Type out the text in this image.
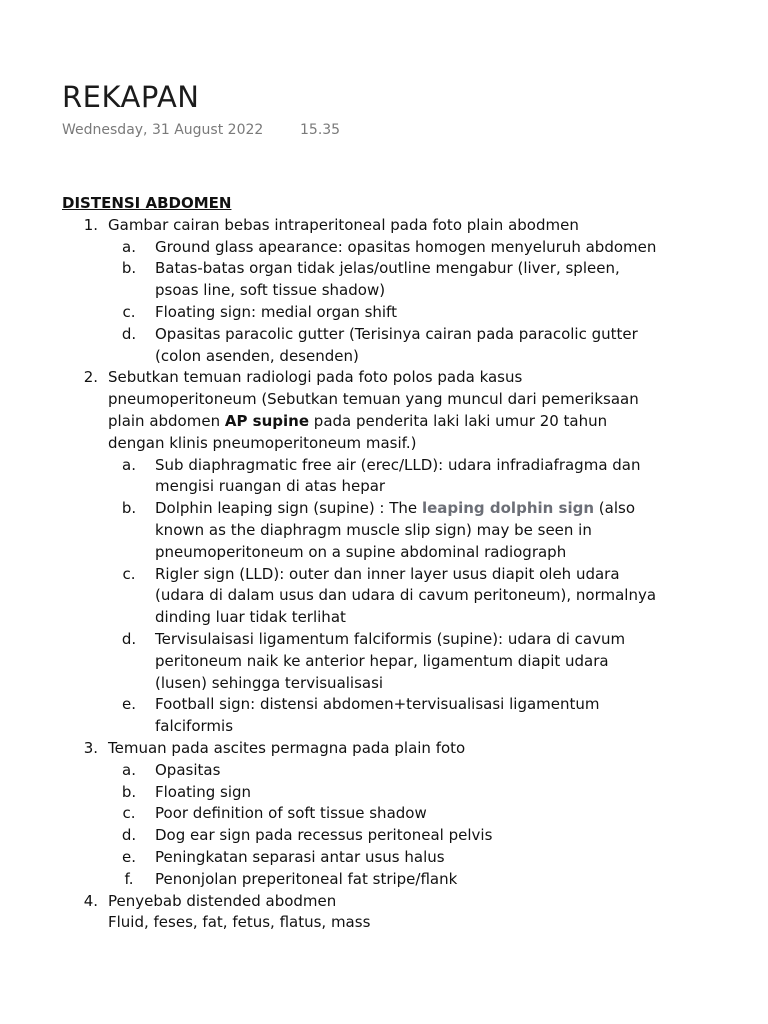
REKAPAN
Wednesday, 31 August 2022	15.35
DISTENSI ABDOMEN
1. Gambar cairan bebas intraperitoneal pada foto plain abodmen
a. Ground glass apearance: opasitas homogen menyeluruh abdomen
b. Batas-batas organ tidak jelas/outline mengabur (liver, spleen, psoas line, soft tissue shadow)
c. Floating sign: medial organ shift
d. Opasitas paracolic gutter (Terisinya cairan pada paracolic gutter (colon asenden, desenden)
2. Sebutkan temuan radiologi pada foto polos pada kasus pneumoperitoneum (Sebutkan temuan yang muncul dari pemeriksaan plain abdomen AP supine pada penderita laki laki umur 20 tahun dengan klinis pneumoperitoneum masif.)
a. Sub diaphragmatic free air (erec/LLD): udara infradiafragma dan mengisi ruangan di atas hepar
b. Dolphin leaping sign (supine) : The leaping dolphin sign (also known as the diaphragm muscle slip sign) may be seen in pneumoperitoneum on a supine abdominal radiograph
c. Rigler sign (LLD): outer dan inner layer usus diapit oleh udara (udara di dalam usus dan udara di cavum peritoneum), normalnya dinding luar tidak terlihat
d. Tervisulaisasi ligamentum falciformis (supine): udara di cavum peritoneum naik ke anterior hepar, ligamentum diapit udara (lusen) sehingga tervisualisasi
e. Football sign: distensi abdomen+tervisualisasi ligamentum falciformis
3. Temuan pada ascites permagna pada plain foto
a. Opasitas
b. Floating sign
c. Poor definition of soft tissue shadow
d. Dog ear sign pada recessus peritoneal pelvis
e. Peningkatan separasi antar usus halus
f.	Penonjolan preperitoneal fat stripe/flank
4. Penyebab distended abodmen
Fluid, feses, fat, fetus, flatus, mass
